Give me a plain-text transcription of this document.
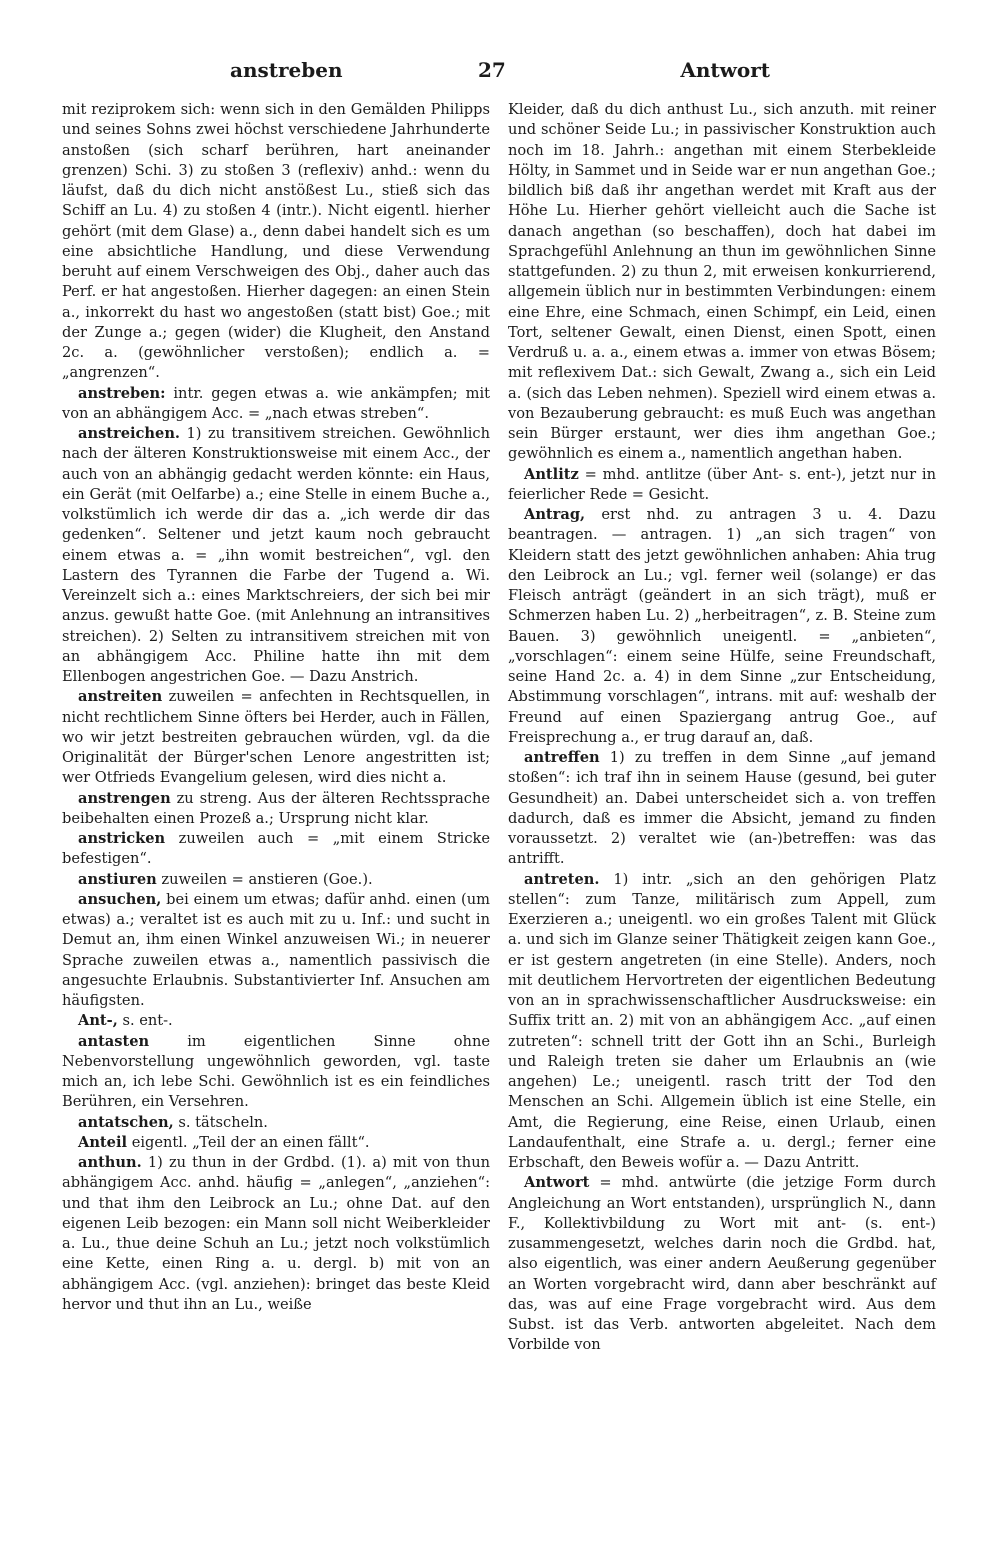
anstreben	27	Antwort

mit reziprokem sich: wenn sich in den Gemälden Philipps und seines Sohns zwei höchst verschiedene Jahrhunderte anstoßen (sich scharf berühren, hart aneinander grenzen) Schi. 3) zu stoßen 3 (reflexiv) anhd.: wenn du läufst, daß du dich nicht anstößest Lu., stieß sich das Schiff an Lu. 4) zu stoßen 4 (intr.). Nicht eigentl. hierher gehört (mit dem Glase) a., denn dabei handelt sich es um eine absichtliche Handlung, und diese Verwendung beruht auf einem Verschweigen des Obj., daher auch das Perf. er hat angestoßen. Hierher dagegen: an einen Stein a., inkorrekt du hast wo angestoßen (statt bist) Goe.; mit der Zunge a.; gegen (wider) die Klugheit, den Anstand 2c. a. (gewöhnlicher verstoßen); endlich a. = „angrenzen“.

anstreben: intr. gegen etwas a. wie ankämpfen; mit von an abhängigem Acc. = „nach etwas streben“.

anstreichen. 1) zu transitivem streichen. Gewöhnlich nach der älteren Konstruktionsweise mit einem Acc., der auch von an abhängig gedacht werden könnte: ein Haus, ein Gerät (mit Oelfarbe) a.; eine Stelle in einem Buche a., volkstümlich ich werde dir das a. „ich werde dir das gedenken“. Seltener und jetzt kaum noch gebraucht einem etwas a. = „ihn womit bestreichen“, vgl. den Lastern des Tyrannen die Farbe der Tugend a. Wi. Vereinzelt sich a.: eines Marktschreiers, der sich bei mir anzus. gewußt hatte Goe. (mit Anlehnung an intransitives streichen). 2) Selten zu intransitivem streichen mit von an abhängigem Acc. Philine hatte ihn mit dem Ellenbogen angestrichen Goe. — Dazu Anstrich.

anstreiten zuweilen = anfechten in Rechtsquellen, in nicht rechtlichem Sinne öfters bei Herder, auch in Fällen, wo wir jetzt bestreiten gebrauchen würden, vgl. da die Originalität der Bürger'schen Lenore angestritten ist; wer Otfrieds Evangelium gelesen, wird dies nicht a.

anstrengen zu streng. Aus der älteren Rechtssprache beibehalten einen Prozeß a.; Ursprung nicht klar.

anstricken zuweilen auch = „mit einem Stricke befestigen“.

anstiuren zuweilen = anstieren (Goe.).

ansuchen, bei einem um etwas; dafür anhd. einen (um etwas) a.; veraltet ist es auch mit zu u. Inf.: und sucht in Demut an, ihm einen Winkel anzuweisen Wi.; in neuerer Sprache zuweilen etwas a., namentlich passivisch die angesuchte Erlaubnis. Substantivierter Inf. Ansuchen am häufigsten.

Ant-, s. ent-.

antasten im eigentlichen Sinne ohne Nebenvorstellung ungewöhnlich geworden, vgl. taste mich an, ich lebe Schi. Gewöhnlich ist es ein feindliches Berühren, ein Versehren.

antatschen, s. tätscheln.

Anteil eigentl. „Teil der an einen fällt“.

anthun. 1) zu thun in der Grdbd. (1). a) mit von thun abhängigem Acc. anhd. häufig = „anlegen“, „anziehen“: und that ihm den Leibrock an Lu.; ohne Dat. auf den eigenen Leib bezogen: ein Mann soll nicht Weiberkleider a. Lu., thue deine Schuh an Lu.; jetzt noch volkstümlich eine Kette, einen Ring a. u. dergl. b) mit von an abhängigem Acc. (vgl. anziehen): bringet das beste Kleid hervor und thut ihn an Lu., weiße

Kleider, daß du dich anthust Lu., sich anzuth. mit reiner und schöner Seide Lu.; in passivischer Konstruktion auch noch im 18. Jahrh.: angethan mit einem Sterbekleide Hölty, in Sammet und in Seide war er nun angethan Goe.; bildlich biß daß ihr angethan werdet mit Kraft aus der Höhe Lu. Hierher gehört vielleicht auch die Sache ist danach angethan (so beschaffen), doch hat dabei im Sprachgefühl Anlehnung an thun im gewöhnlichen Sinne stattgefunden. 2) zu thun 2, mit erweisen konkurrierend, allgemein üblich nur in bestimmten Verbindungen: einem eine Ehre, eine Schmach, einen Schimpf, ein Leid, einen Tort, seltener Gewalt, einen Dienst, einen Spott, einen Verdruß u. a. a., einem etwas a. immer von etwas Bösem; mit reflexivem Dat.: sich Gewalt, Zwang a., sich ein Leid a. (sich das Leben nehmen). Speziell wird einem etwas a. von Bezauberung gebraucht: es muß Euch was angethan sein Bürger erstaunt, wer dies ihm angethan Goe.; gewöhnlich es einem a., namentlich angethan haben.

Antlitz = mhd. antlitze (über Ant- s. ent-), jetzt nur in feierlicher Rede = Gesicht.

Antrag, erst nhd. zu antragen 3 u. 4. Dazu beantragen. — antragen. 1) „an sich tragen“ von Kleidern statt des jetzt gewöhnlichen anhaben: Ahia trug den Leibrock an Lu.; vgl. ferner weil (solange) er das Fleisch anträgt (geändert in an sich trägt), muß er Schmerzen haben Lu. 2) „herbeitragen“, z. B. Steine zum Bauen. 3) gewöhnlich uneigentl. = „anbieten“, „vorschlagen“: einem seine Hülfe, seine Freundschaft, seine Hand 2c. a. 4) in dem Sinne „zur Entscheidung, Abstimmung vorschlagen“, intrans. mit auf: weshalb der Freund auf einen Spaziergang antrug Goe., auf Freisprechung a., er trug darauf an, daß.

antreffen 1) zu treffen in dem Sinne „auf jemand stoßen“: ich traf ihn in seinem Hause (gesund, bei guter Gesundheit) an. Dabei unterscheidet sich a. von treffen dadurch, daß es immer die Absicht, jemand zu finden voraussetzt. 2) veraltet wie (an-)betreffen: was das antrifft.

antreten. 1) intr. „sich an den gehörigen Platz stellen“: zum Tanze, militärisch zum Appell, zum Exerzieren a.; uneigentl. wo ein großes Talent mit Glück a. und sich im Glanze seiner Thätigkeit zeigen kann Goe., er ist gestern angetreten (in eine Stelle). Anders, noch mit deutlichem Hervortreten der eigentlichen Bedeutung von an in sprachwissenschaftlicher Ausdrucksweise: ein Suffix tritt an. 2) mit von an abhängigem Acc. „auf einen zutreten“: schnell tritt der Gott ihn an Schi., Burleigh und Raleigh treten sie daher um Erlaubnis an (wie angehen) Le.; uneigentl. rasch tritt der Tod den Menschen an Schi. Allgemein üblich ist eine Stelle, ein Amt, die Regierung, eine Reise, einen Urlaub, einen Landaufenthalt, eine Strafe a. u. dergl.; ferner eine Erbschaft, den Beweis wofür a. — Dazu Antritt.

Antwort = mhd. antwürte (die jetzige Form durch Angleichung an Wort entstanden), ursprünglich N., dann F., Kollektivbildung zu Wort mit ant- (s. ent-) zusammengesetzt, welches darin noch die Grdbd. hat, also eigentlich, was einer andern Aeußerung gegenüber an Worten vorgebracht wird, dann aber beschränkt auf das, was auf eine Frage vorgebracht wird. Aus dem Subst. ist das Verb. antworten abgeleitet. Nach dem Vorbilde von
